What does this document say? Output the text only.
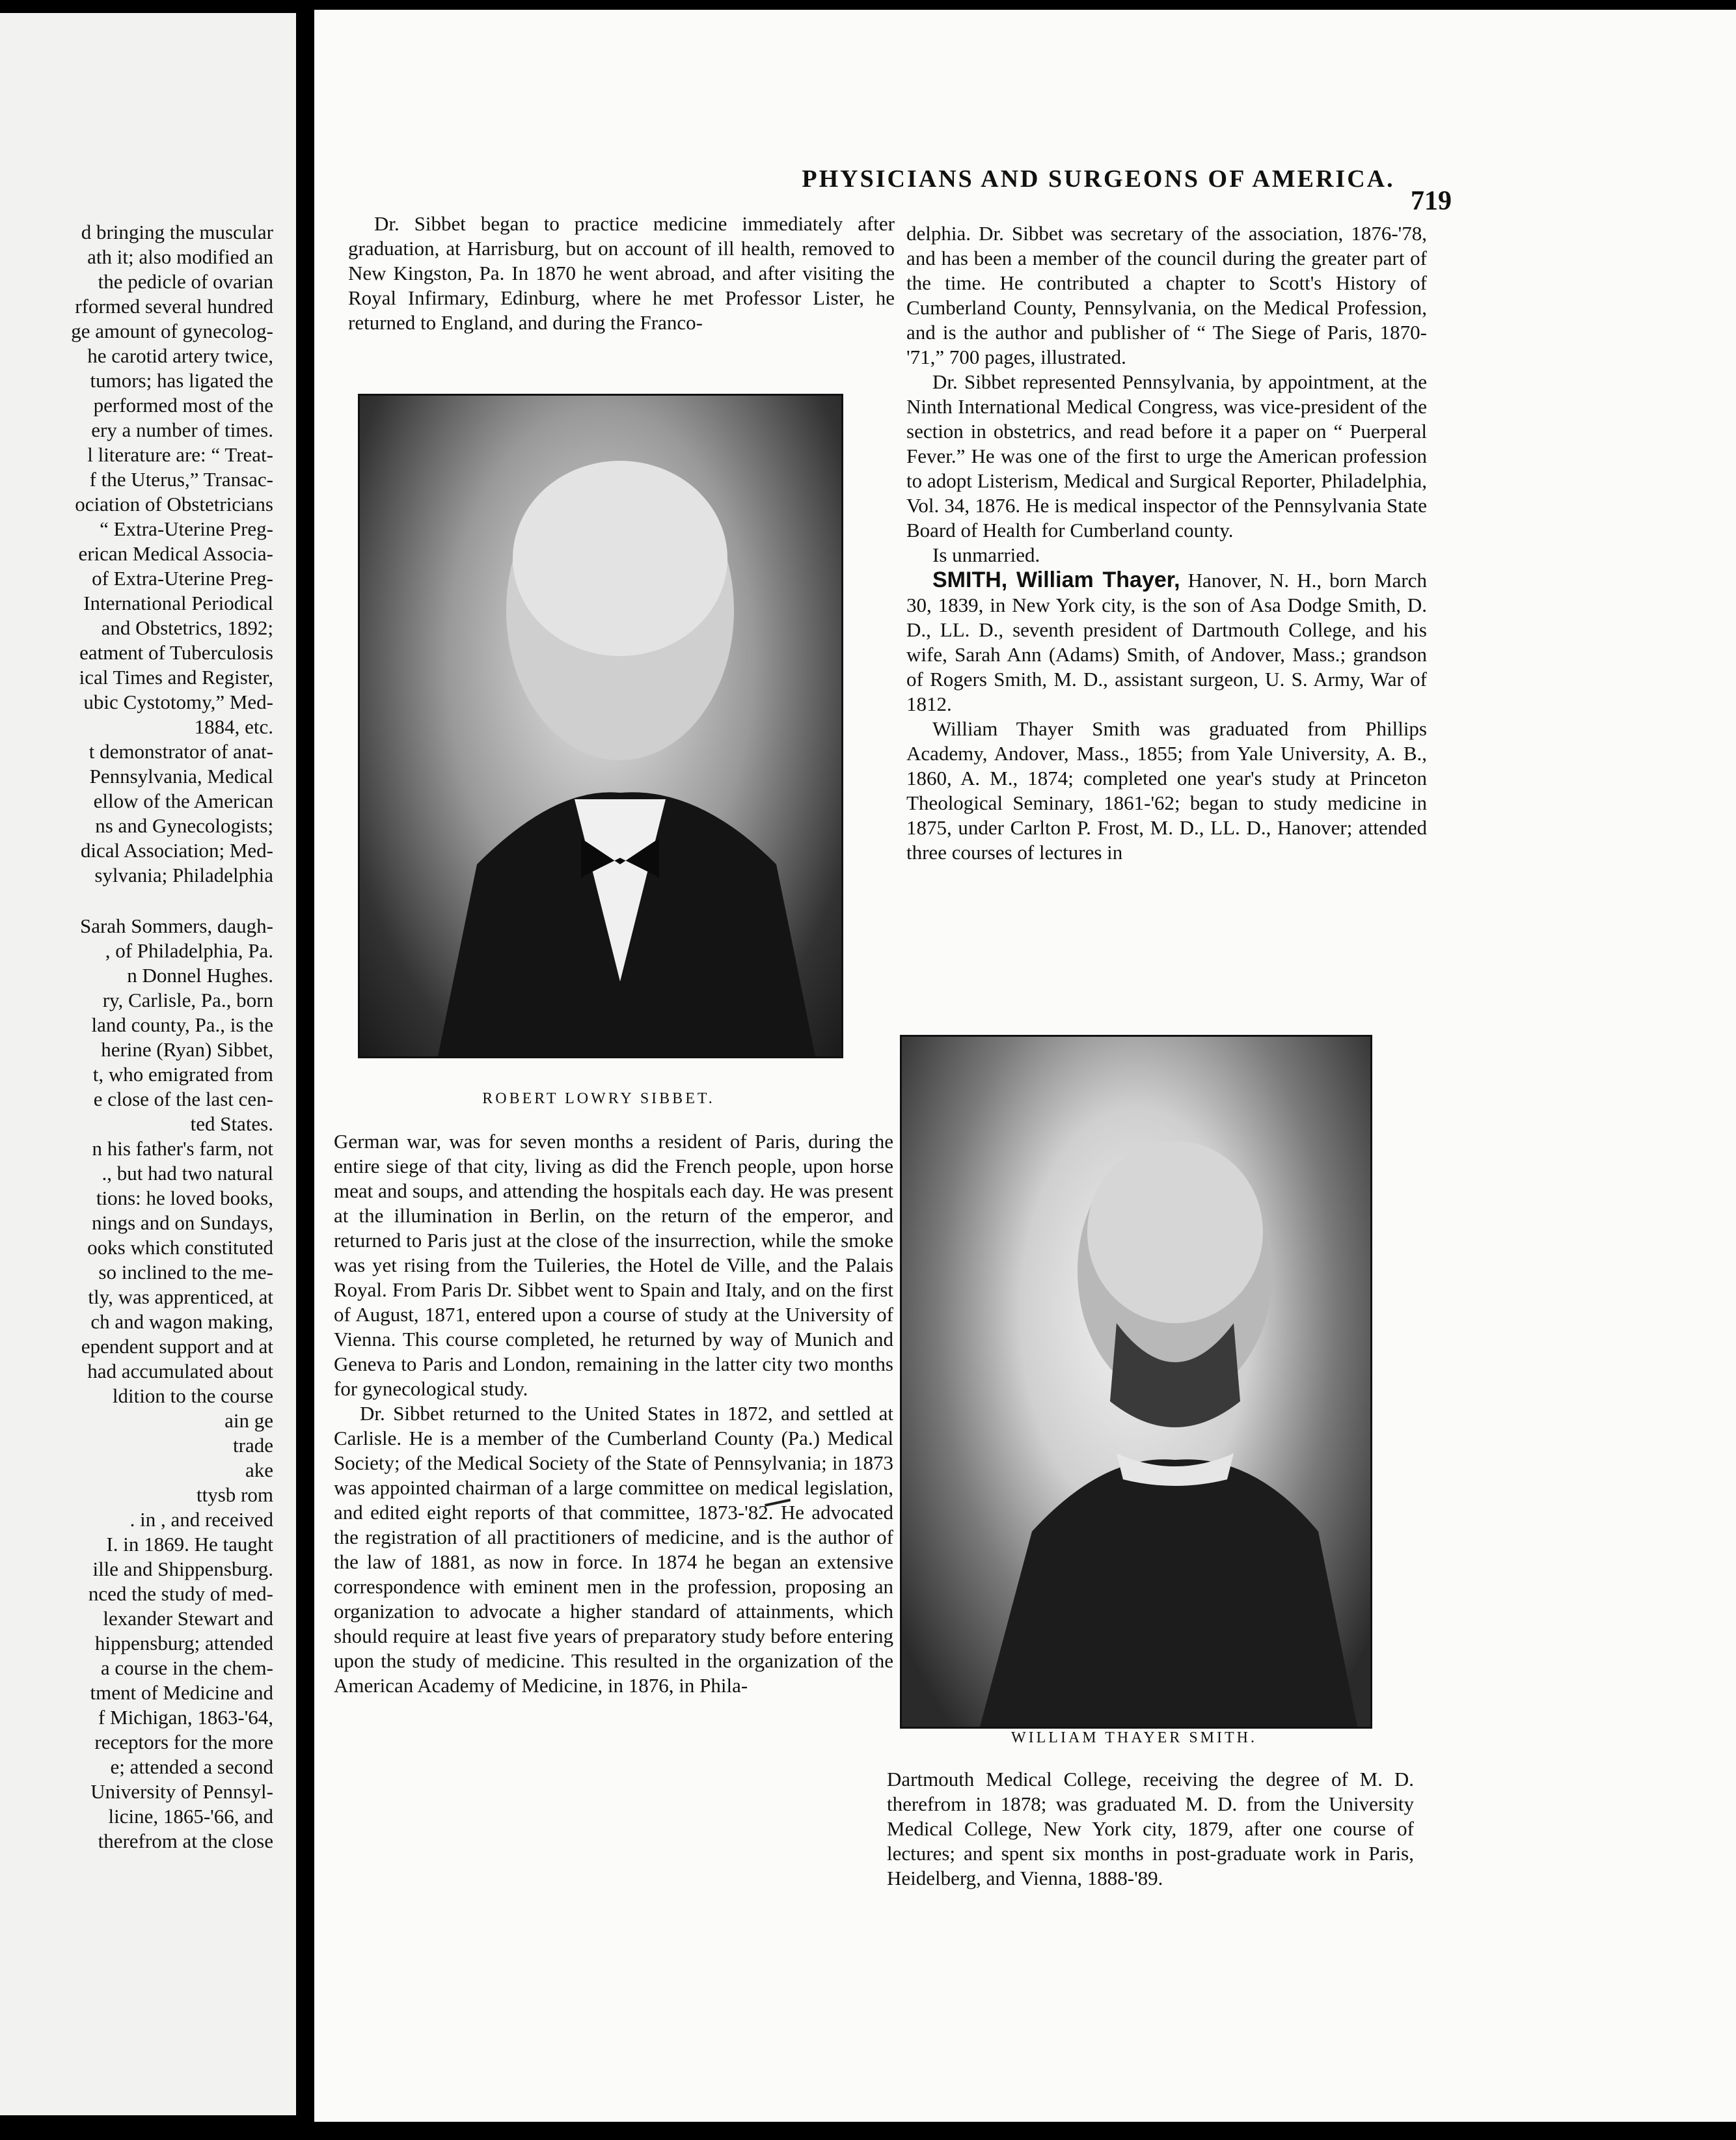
d bringing the muscular
ath it; also modified an
the pedicle of ovarian
rformed several hundred
ge amount of gynecolog-
he carotid artery twice,
tumors; has ligated the
performed most of the
ery a number of times.
l literature are: “ Treat-
f the Uterus,” Transac-
ociation of Obstetricians
“ Extra-Uterine Preg-
erican Medical Associa-
of Extra-Uterine Preg-
International Periodical
and Obstetrics, 1892;
eatment of Tuberculosis
ical Times and Register,
ubic Cystotomy,” Med-
1884, etc.
t demonstrator of anat-
Pennsylvania, Medical
ellow of the American
ns and Gynecologists;
dical Association; Med-
sylvania; Philadelphia
Sarah Sommers, daugh-
, of Philadelphia, Pa.
n Donnel Hughes.
ry, Carlisle, Pa., born
land county, Pa., is the
herine (Ryan) Sibbet,
t, who emigrated from
e close of the last cen-
ted States.
n his father's farm, not
., but had two natural
tions: he loved books,
nings and on Sundays,
ooks which constituted
so inclined to the me-
tly, was apprenticed, at
ch and wagon making,
ependent support and at
had accumulated about
ldition to the course
ain ge
trade
ake
ttysb rom
. in , and received
I. in 1869. He taught
ille and Shippensburg.
nced the study of med-
lexander Stewart and
hippensburg; attended
a course in the chem-
tment of Medicine and
f Michigan, 1863-'64,
receptors for the more
e; attended a second
University of Pennsyl-
licine, 1865-'66, and
therefrom at the close
PHYSICIANS AND SURGEONS OF AMERICA.
719

Dr. Sibbet began to practice medicine immediately after graduation, at Harrisburg, but on account of ill health, removed to New Kingston, Pa. In 1870 he went abroad, and after visiting the Royal Infirmary, Edinburg, where he met Professor Lister, he returned to England, and during the Franco-

ROBERT LOWRY SIBBET.

German war, was for seven months a resident of Paris, during the entire siege of that city, living as did the French people, upon horse meat and soups, and attending the hospitals each day. He was present at the illumination in Berlin, on the return of the emperor, and returned to Paris just at the close of the insurrection, while the smoke was yet rising from the Tuileries, the Hotel de Ville, and the Palais Royal. From Paris Dr. Sibbet went to Spain and Italy, and on the first of August, 1871, entered upon a course of study at the University of Vienna. This course completed, he returned by way of Munich and Geneva to Paris and London, remaining in the latter city two months for gynecological study.

Dr. Sibbet returned to the United States in 1872, and settled at Carlisle. He is a member of the Cumberland County (Pa.) Medical Society; of the Medical Society of the State of Pennsylvania; in 1873 was appointed chairman of a large committee on medical legislation, and edited eight reports of that committee, 1873-'82. He advocated the registration of all practitioners of medicine, and is the author of the law of 1881, as now in force. In 1874 he began an extensive correspondence with eminent men in the profession, proposing an organization to advocate a higher standard of attainments, which should require at least five years of preparatory study before entering upon the study of medicine. This resulted in the organization of the American Academy of Medicine, in 1876, in Phila-

delphia. Dr. Sibbet was secretary of the association, 1876-'78, and has been a member of the council during the greater part of the time. He contributed a chapter to Scott's History of Cumberland County, Pennsylvania, on the Medical Profession, and is the author and publisher of “ The Siege of Paris, 1870-'71,” 700 pages, illustrated.

Dr. Sibbet represented Pennsylvania, by appointment, at the Ninth International Medical Congress, was vice-president of the section in obstetrics, and read before it a paper on “ Puerperal Fever.” He was one of the first to urge the American profession to adopt Listerism, Medical and Surgical Reporter, Philadelphia, Vol. 34, 1876. He is medical inspector of the Pennsylvania State Board of Health for Cumberland county.

Is unmarried.

SMITH, William Thayer, Hanover, N. H., born March 30, 1839, in New York city, is the son of Asa Dodge Smith, D. D., LL. D., seventh president of Dartmouth College, and his wife, Sarah Ann (Adams) Smith, of Andover, Mass.; grandson of Rogers Smith, M. D., assistant surgeon, U. S. Army, War of 1812.

William Thayer Smith was graduated from Phillips Academy, Andover, Mass., 1855; from Yale University, A. B., 1860, A. M., 1874; completed one year's study at Princeton Theological Seminary, 1861-'62; began to study medicine in 1875, under Carlton P. Frost, M. D., LL. D., Hanover; attended three courses of lectures in

WILLIAM THAYER SMITH.

Dartmouth Medical College, receiving the degree of M. D. therefrom in 1878; was graduated M. D. from the University Medical College, New York city, 1879, after one course of lectures; and spent six months in post-graduate work in Paris, Heidelberg, and Vienna, 1888-'89.
